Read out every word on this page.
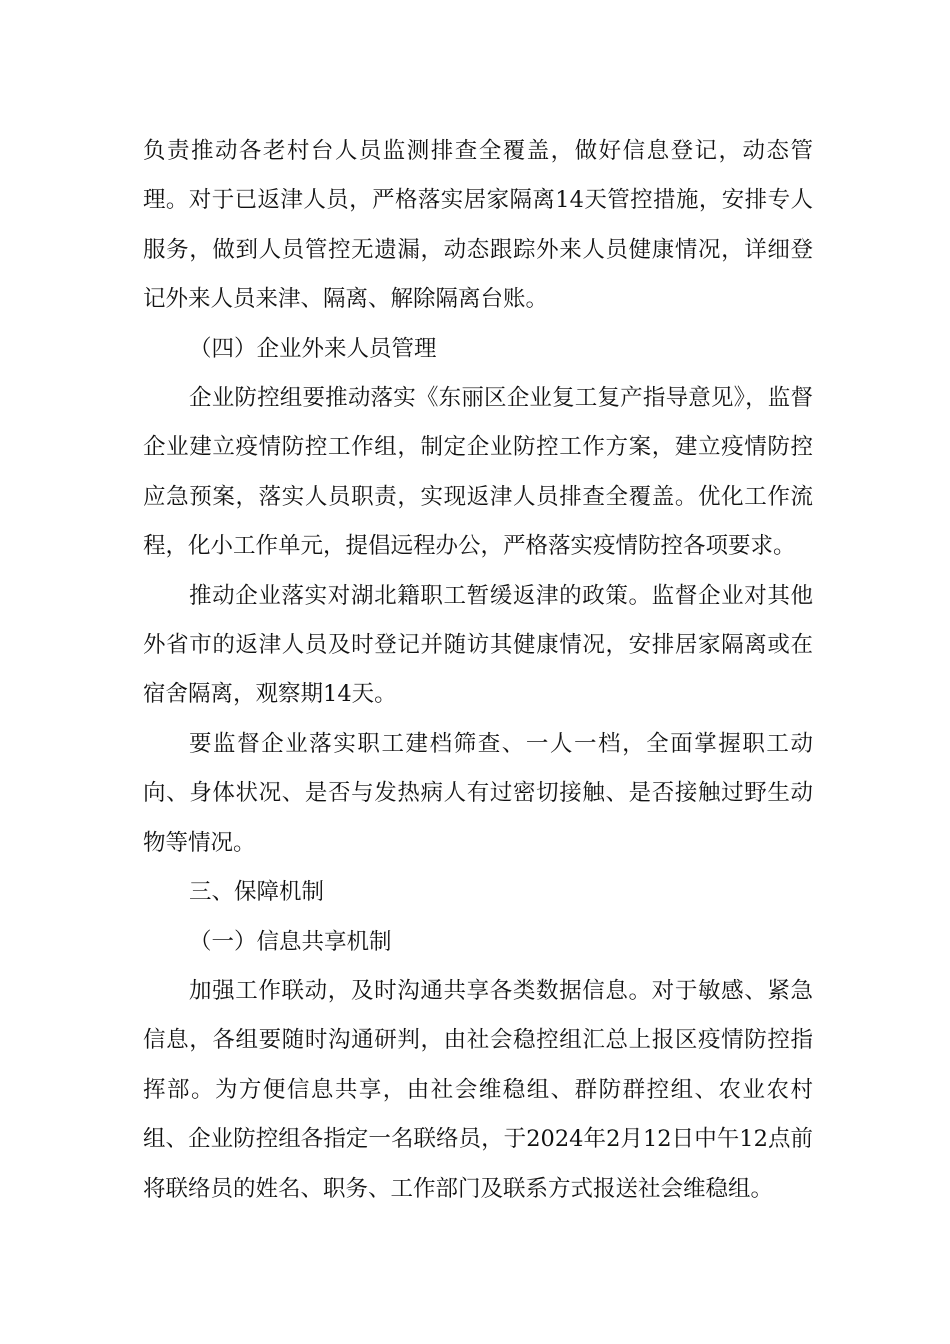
负责推动各老村台人员监测排查全覆盖，做好信息登记，动态管理。对于已返津人员，严格落实居家隔离14天管控措施，安排专人服务，做到人员管控无遗漏，动态跟踪外来人员健康情况，详细登记外来人员来津、隔离、解除隔离台账。

（四）企业外来人员管理

企业防控组要推动落实《东丽区企业复工复产指导意见》，监督企业建立疫情防控工作组，制定企业防控工作方案，建立疫情防控应急预案，落实人员职责，实现返津人员排查全覆盖。优化工作流程，化小工作单元，提倡远程办公，严格落实疫情防控各项要求。

推动企业落实对湖北籍职工暂缓返津的政策。监督企业对其他外省市的返津人员及时登记并随访其健康情况，安排居家隔离或在宿舍隔离，观察期14天。

要监督企业落实职工建档筛查、一人一档，全面掌握职工动向、身体状况、是否与发热病人有过密切接触、是否接触过野生动物等情况。

三、保障机制

（一）信息共享机制

加强工作联动，及时沟通共享各类数据信息。对于敏感、紧急信息，各组要随时沟通研判，由社会稳控组汇总上报区疫情防控指挥部。为方便信息共享，由社会维稳组、群防群控组、农业农村组、企业防控组各指定一名联络员，于2024年2月12日中午12点前将联络员的姓名、职务、工作部门及联系方式报送社会维稳组。
